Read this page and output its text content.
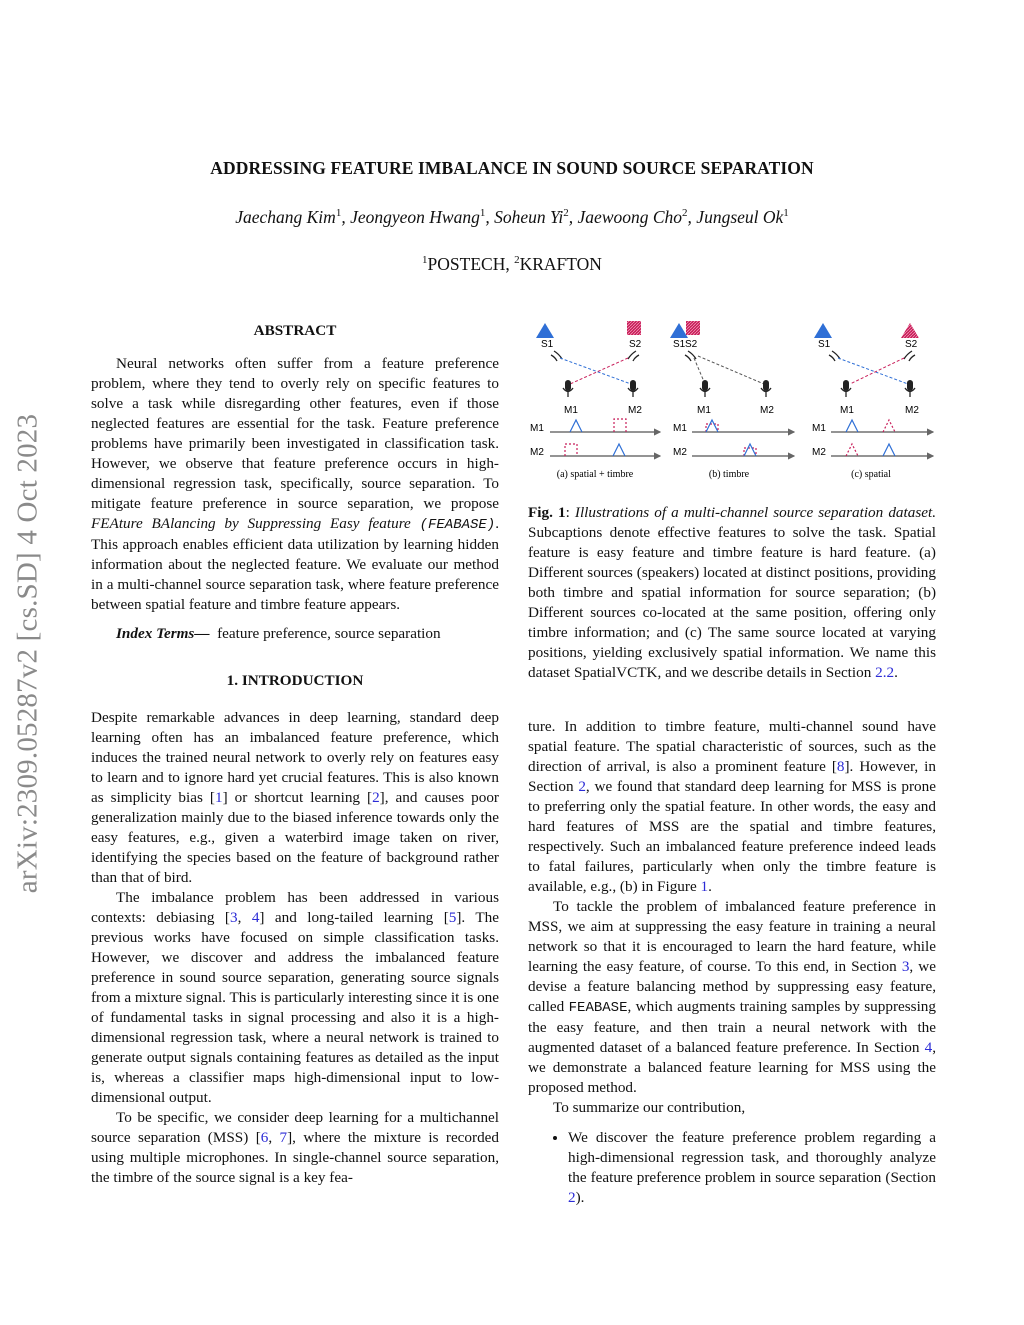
arXiv:2309.05287v2 [cs.SD] 4 Oct 2023
ADDRESSING FEATURE IMBALANCE IN SOUND SOURCE SEPARATION
Jaechang Kim$^1$, Jeongyeon Hwang$^1$, Soheun Yi$^2$, Jaewoong Cho$^2$, Jungseul Ok$^1$
$^1$POSTECH, $^2$KRAFTON
ABSTRACT

Neural networks often suffer from a feature preference problem, where they tend to overly rely on specific features to solve a task while disregarding other features, even if those neglected features are essential for the task. Feature preference problems have primarily been investigated in classification task. However, we observe that feature preference occurs in high-dimensional regression task, specifically, source separation. To mitigate feature preference in source separation, we propose FEAture BAlancing by Suppressing Easy feature (FEABASE). This approach enables efficient data utilization by learning hidden information about the neglected feature. We evaluate our method in a multi-channel source separation task, where feature preference between spatial feature and timbre feature appears.

Index Terms— feature preference, source separation

1. INTRODUCTION

Despite remarkable advances in deep learning, standard deep learning often has an imbalanced feature preference, which induces the trained neural network to overly rely on features easy to learn and to ignore hard yet crucial features. This is also known as simplicity bias [1] or shortcut learning [2], and causes poor generalization mainly due to the biased inference towards only the easy features, e.g., given a waterbird image taken on river, identifying the species based on the feature of background rather than that of bird.

The imbalance problem has been addressed in various contexts: debiasing [3, 4] and long-tailed learning [5]. The previous works have focused on simple classification tasks. However, we discover and address the imbalanced feature preference in sound source separation, generating source signals from a mixture signal. This is particularly interesting since it is one of fundamental tasks in signal processing and also it is a high-dimensional regression task, where a neural network is trained to generate output signals containing features as detailed as the input is, whereas a classifier maps high-dimensional input to low-dimensional output.

To be specific, we consider deep learning for a multichannel source separation (MSS) [6, 7], where the mixture is recorded using multiple microphones. In single-channel source separation, the timbre of the source signal is a key fea-

S1	S2
M1	M2
M1
M2
(a) spatial + timbre
S1 S2
M1	M2
M1
M2
(b) timbre
S1	S2
M1	M2
M1
M2
(c) spatial
Fig. 1: Illustrations of a multi-channel source separation dataset. Subcaptions denote effective features to solve the task. Spatial feature is easy feature and timbre feature is hard feature. (a) Different sources (speakers) located at distinct positions, providing both timbre and spatial information for source separation; (b) Different sources co-located at the same position, offering only timbre information; and (c) The same source located at varying positions, yielding exclusively spatial information. We name this dataset SpatialVCTK, and we describe details in Section 2.2.

ture. In addition to timbre feature, multi-channel sound have spatial feature. The spatial characteristic of sources, such as the direction of arrival, is also a prominent feature [8]. However, in Section 2, we found that standard deep learning for MSS is prone to preferring only the spatial feature. In other words, the easy and hard features of MSS are the spatial and timbre features, respectively. Such an imbalanced feature preference indeed leads to fatal failures, particularly when only the timbre feature is available, e.g., (b) in Figure 1.

To tackle the problem of imbalanced feature preference in MSS, we aim at suppressing the easy feature in training a neural network so that it is encouraged to learn the hard feature, while learning the easy feature, of course. To this end, in Section 3, we devise a feature balancing method by suppressing easy feature, called FEABASE, which augments training samples by suppressing the easy feature, and then train a neural network with the augmented dataset of a balanced feature preference. In Section 4, we demonstrate a balanced feature learning for MSS using the proposed method.

To summarize our contribution,

• We discover the feature preference problem regarding a high-dimensional regression task, and thoroughly analyze the feature preference problem in source separation (Section 2).
